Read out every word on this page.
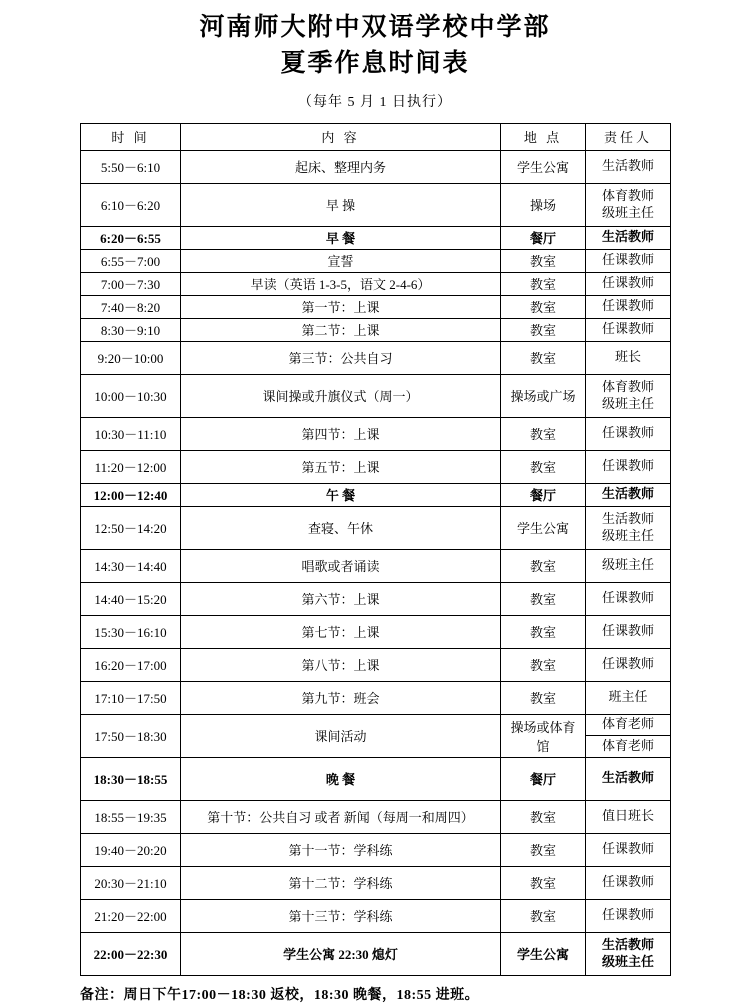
河南师大附中双语学校中学部
夏季作息时间表
（每年 5 月 1 日执行）
时 间	内 容	地 点	责任人
5:50－6:10	起床、整理内务	学生公寓	生活教师
6:10－6:20	早 操	操场	体育教师
级班主任

6:20－6:55	早 餐	餐厅	生活教师
6:55－7:00	宣誓	教室	任课教师
7:00－7:30	早读（英语 1-3-5，语文 2-4-6）	教室	任课教师
7:40－8:20	第一节：上课	教室	任课教师
8:30－9:10	第二节：上课	教室	任课教师
9:20－10:00	第三节：公共自习	教室	班长
10:00－10:30	课间操或升旗仪式（周一）	操场或广场	体育教师
级班主任

10:30－11:10	第四节：上课	教室	任课教师
11:20－12:00	第五节：上课	教室	任课教师
12:00－12:40	午 餐	餐厅	生活教师
12:50－14:20	查寝、午休	学生公寓	生活教师
级班主任

14:30－14:40	唱歌或者诵读	教室	级班主任
14:40－15:20	第六节：上课	教室	任课教师
15:30－16:10	第七节：上课	教室	任课教师
16:20－17:00	第八节：上课	教室	任课教师
17:10－17:50	第九节：班会	教室	班主任
17:50－18:30	课间活动	操场或体育馆	体育老师
体育老师

18:30－18:55	晚 餐	餐厅	生活教师
18:55－19:35	第十节：公共自习 或者 新闻（每周一和周四）	教室	值日班长
19:40－20:20	第十一节：学科练	教室	任课教师
20:30－21:10	第十二节：学科练	教室	任课教师
21:20－22:00	第十三节：学科练	教室	任课教师
22:00－22:30	学生公寓 22:30 熄灯	学生公寓	生活教师
级班主任
备注：周日下午17:00－18:30 返校，18:30 晚餐，18:55 进班。
